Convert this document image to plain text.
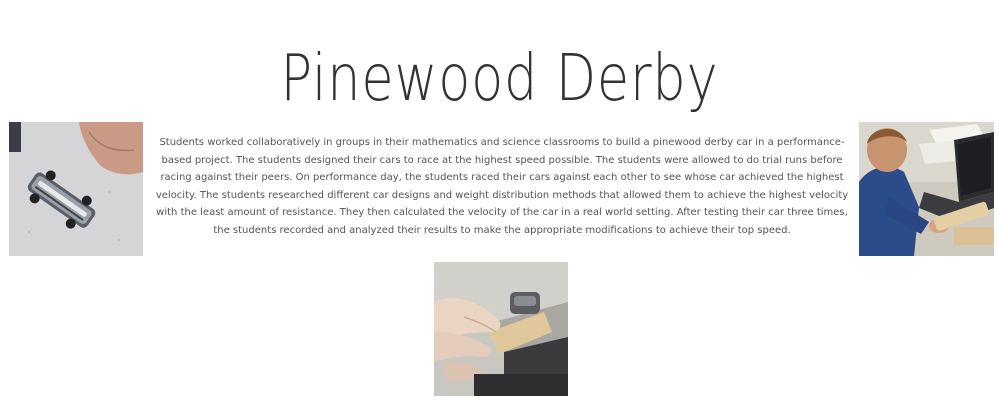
Pinewood Derby

Students worked collaboratively in groups in their mathematics and science classrooms to build a pinewood derby car in a performance-based project. The students designed their cars to race at the highest speed possible. The students were allowed to do trial runs before racing against their peers. On performance day, the students raced their cars against each other to see whose car achieved the highest velocity. The students researched different car designs and weight distribution methods that allowed them to achieve the highest velocity with the least amount of resistance. They then calculated the velocity of the car in a real world setting. After testing their car three times, the students recorded and analyzed their results to make the appropriate modifications to achieve their top speed.
